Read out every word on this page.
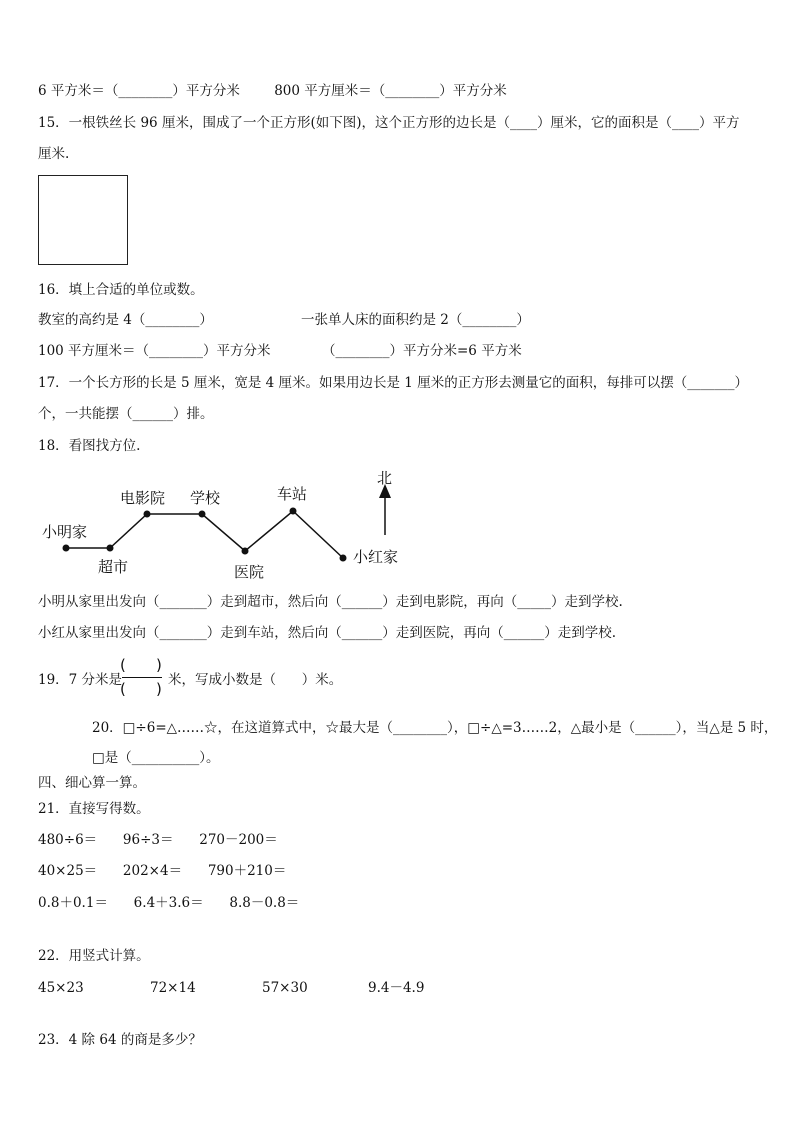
6 平方米＝（________）平方分米        800 平方厘米＝（________）平方分米
15．一根铁丝长 96 厘米，围成了一个正方形(如下图)，这个正方形的边长是（____）厘米，它的面积是（____）平方
厘米.
16．填上合适的单位或数。
教室的高约是 4（________）	一张单人床的面积约是 2（________）
100 平方厘米＝（________）平方分米	（________）平方分米=6 平方米
17．一个长方形的长是 5 厘米，宽是 4 厘米。如果用边长是 1 厘米的正方形去测量它的面积，每排可以摆（_______）
个，一共能摆（______）排。
18．看图找方位.
北
小明家
超市
电影院 学校
医院
车站
小红家
小明从家里出发向（_______）走到超市，然后向（______）走到电影院，再向（_____）走到学校.
小红从家里出发向（_______）走到车站，然后向（______）走到医院，再向（______）走到学校.
19．7 分米是
( )
( ) 米，写成小数是（      ）米。
20．□÷6=△……☆，在这道算式中，☆最大是（________），□÷△=3……2，△最小是（______），当△是 5 时，
□是（__________）。
四、细心算一算。
21．直接写得数。
480÷6＝      96÷3＝      270－200＝
40×25＝      202×4＝      790＋210＝
0.8＋0.1＝      6.4＋3.6＝      8.8－0.8＝
22．用竖式计算。
45×23	72×14	57×30	9.4－4.9
23．4 除 64 的商是多少？
